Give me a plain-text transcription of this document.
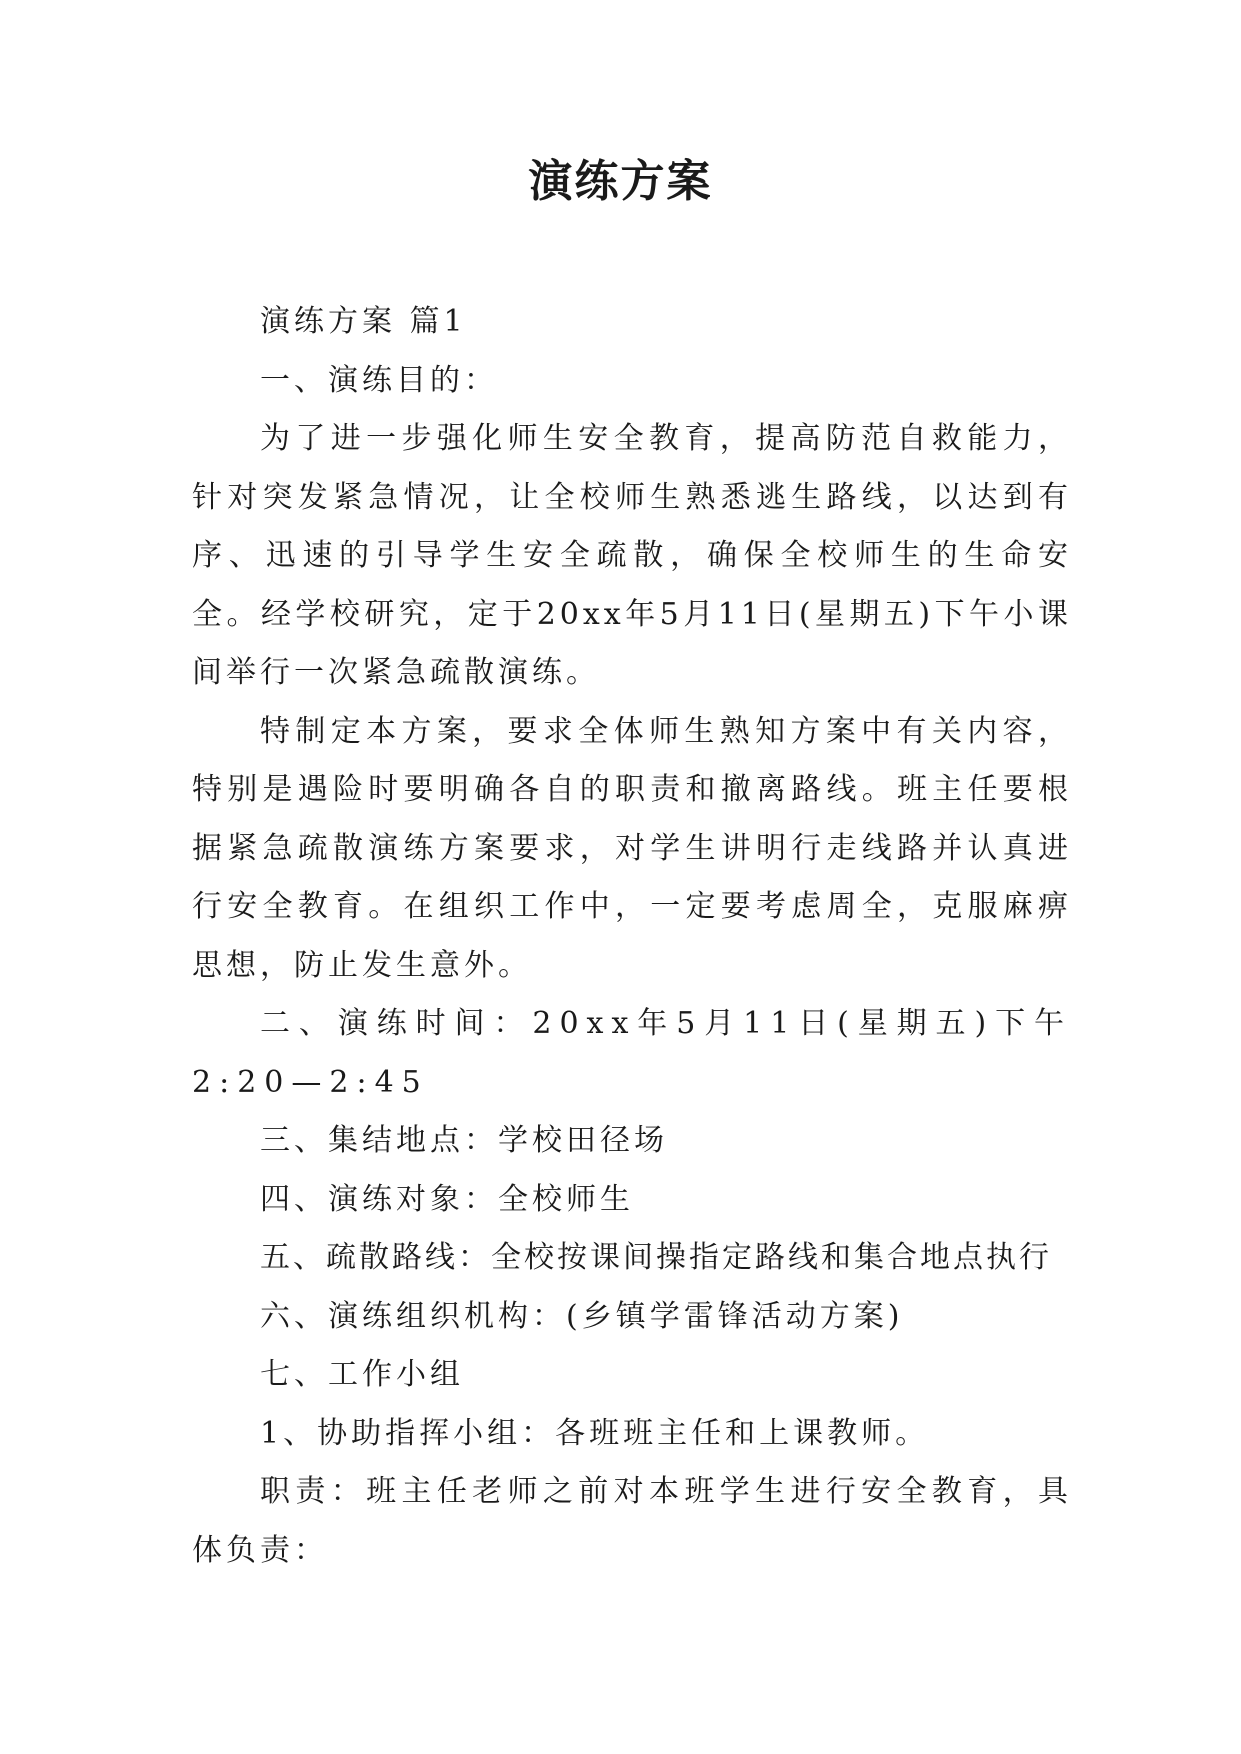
演练方案

演练方案 篇1

一、演练目的：

为了进一步强化师生安全教育，提高防范自救能力，针对突发紧急情况，让全校师生熟悉逃生路线，以达到有序、迅速的引导学生安全疏散，确保全校师生的生命安全。经学校研究，定于20xx年5月11日(星期五)下午小课间举行一次紧急疏散演练。

特制定本方案，要求全体师生熟知方案中有关内容，特别是遇险时要明确各自的职责和撤离路线。班主任要根据紧急疏散演练方案要求，对学生讲明行走线路并认真进行安全教育。在组织工作中，一定要考虑周全，克服麻痹思想，防止发生意外。

二、演练时间：20xx年5月11日(星期五)下午2:20—2:45

三、集结地点：学校田径场

四、演练对象：全校师生

五、疏散路线：全校按课间操指定路线和集合地点执行

六、演练组织机构：(乡镇学雷锋活动方案)

七、工作小组

1、协助指挥小组：各班班主任和上课教师。

职责：班主任老师之前对本班学生进行安全教育，具体负责：
